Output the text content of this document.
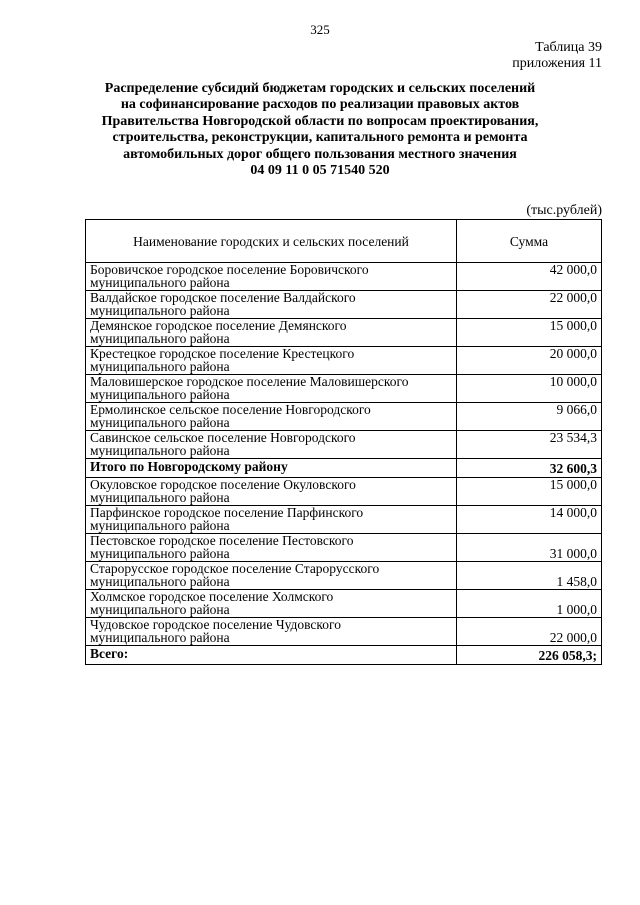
325
Таблица 39
приложения 11
Распределение субсидий бюджетам городских и сельских поселений
на софинансирование расходов по реализации правовых актов
Правительства Новгородской области по вопросам проектирования,
строительства, реконструкции, капитального ремонта и ремонта
автомобильных дорог общего пользования местного значения
04 09 11 0 05 71540 520
(тыс.рублей)
Наименование городских и сельских поселений	Сумма

Боровичское городское поселение Боровичского
муниципального района	42 000,0

Валдайское городское поселение Валдайского
муниципального района	22 000,0

Демянское городское поселение Демянского
муниципального района	15 000,0

Крестецкое городское поселение Крестецкого
муниципального района	20 000,0

Маловишерское городское поселение Маловишерского
муниципального района	10 000,0

Ермолинское сельское поселение Новгородского
муниципального района	9 066,0

Савинское сельское поселение Новгородского
муниципального района	23 534,3
Итого по Новгородскому району	32 600,3

Окуловское городское поселение Окуловского
муниципального района	15 000,0

Парфинское городское поселение Парфинского
муниципального района	14 000,0

Пестовское городское поселение Пестовского
муниципального района	31 000,0

Старорусское городское поселение Старорусского
муниципального района	1 458,0

Холмское городское поселение Холмского
муниципального района	1 000,0

Чудовское городское поселение Чудовского
муниципального района	22 000,0
Всего:	226 058,3;
